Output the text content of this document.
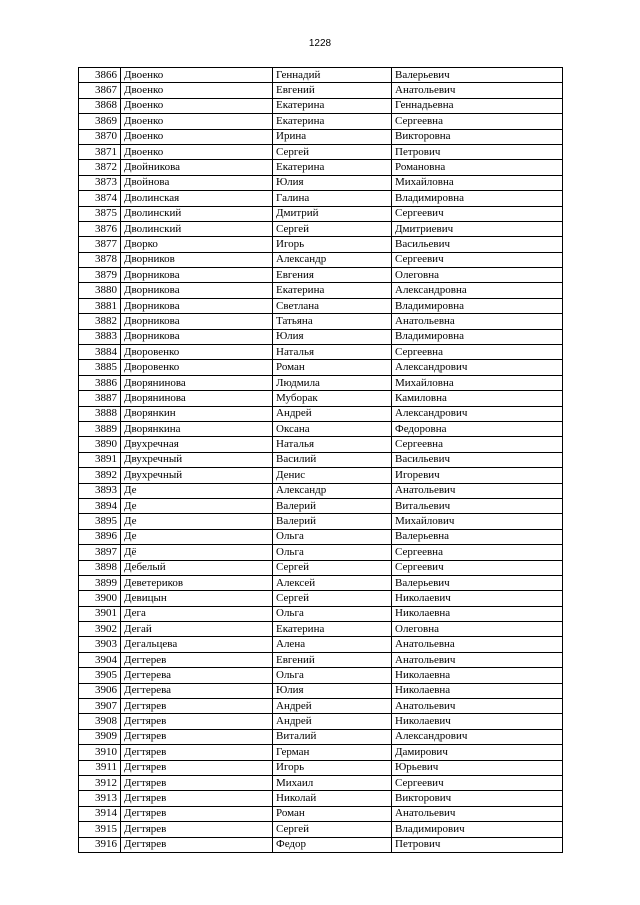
1228
3866	Двоенко	Геннадий	Валерьевич
3867	Двоенко	Евгений	Анатольевич
3868	Двоенко	Екатерина	Геннадьевна
3869	Двоенко	Екатерина	Сергеевна
3870	Двоенко	Ирина	Викторовна
3871	Двоенко	Сергей	Петрович
3872	Двойникова	Екатерина	Романовна
3873	Двойнова	Юлия	Михайловна
3874	Дволинская	Галина	Владимировна
3875	Дволинский	Дмитрий	Сергеевич
3876	Дволинский	Сергей	Дмитриевич
3877	Дворко	Игорь	Васильевич
3878	Дворников	Александр	Сергеевич
3879	Дворникова	Евгения	Олеговна
3880	Дворникова	Екатерина	Александровна
3881	Дворникова	Светлана	Владимировна
3882	Дворникова	Татьяна	Анатольевна
3883	Дворникова	Юлия	Владимировна
3884	Дворовенко	Наталья	Сергеевна
3885	Дворовенко	Роман	Александрович
3886	Дворянинова	Людмила	Михайловна
3887	Дворянинова	Муборак	Камиловна
3888	Дворянкин	Андрей	Александрович
3889	Дворянкина	Оксана	Федоровна
3890	Двухречная	Наталья	Сергеевна
3891	Двухречный	Василий	Васильевич
3892	Двухречный	Денис	Игоревич
3893	Де	Александр	Анатольевич
3894	Де	Валерий	Витальевич
3895	Де	Валерий	Михайлович
3896	Де	Ольга	Валерьевна
3897	Дё	Ольга	Сергеевна
3898	Дебелый	Сергей	Сергеевич
3899	Деветериков	Алексей	Валерьевич
3900	Девицын	Сергей	Николаевич
3901	Дега	Ольга	Николаевна
3902	Дегай	Екатерина	Олеговна
3903	Дегальцева	Алена	Анатольевна
3904	Дегтерев	Евгений	Анатольевич
3905	Дегтерева	Ольга	Николаевна
3906	Дегтерева	Юлия	Николаевна
3907	Дегтярев	Андрей	Анатольевич
3908	Дегтярев	Андрей	Николаевич
3909	Дегтярев	Виталий	Александрович
3910	Дегтярев	Герман	Дамирович
3911	Дегтярев	Игорь	Юрьевич
3912	Дегтярев	Михаил	Сергеевич
3913	Дегтярев	Николай	Викторович
3914	Дегтярев	Роман	Анатольевич
3915	Дегтярев	Сергей	Владимирович
3916	Дегтярев	Федор	Петрович
